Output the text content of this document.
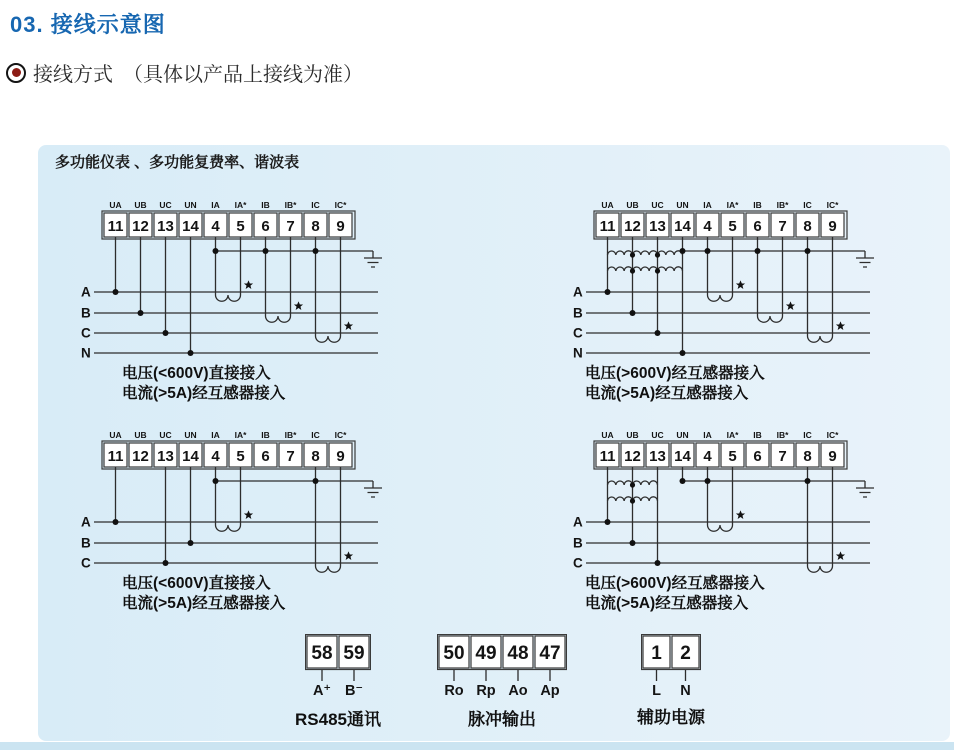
03. 接线示意图
接线方式 （具体以产品上接线为准）
多功能仪表 、多功能复费率、谐波表
UA UB UC UN IA IA* IB IB* IC IC*
11 12 13 14 4 5 6 7 8 9
A
B
C
N
电压(<600V)直接接入
电流(>5A)经互感器接入
UA UB UC UN IA IA* IB IB* IC IC*
11 12 13 14 4 5 6 7 8 9
A
B
C
N
电压(>600V)经互感器接入
电流(>5A)经互感器接入
UA UB UC UN IA IA* IB IB* IC IC*
11 12 13 14 4 5 6 7 8 9
A
B
C
电压(<600V)直接接入
电流(>5A)经互感器接入
UA UB UC UN IA IA* IB IB* IC IC*
11 12 13 14 4 5 6 7 8 9
A
B
C
电压(>600V)经互感器接入
电流(>5A)经互感器接入
58 59
A⁺ B⁻
RS485通讯
50 49 48 47
Ro Rp Ao Ap
脉冲输出
1 2
L N
辅助电源
